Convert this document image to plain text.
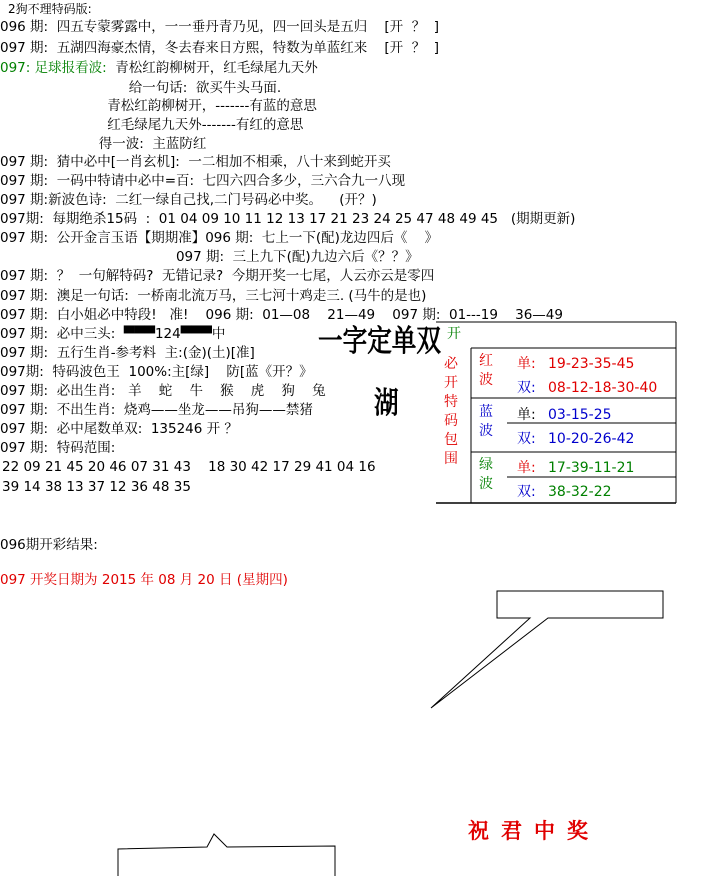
2狗不理特码版:
096 期:  四五专蒙雾露中，一一垂丹青乃见，四一回头是五归    [开  ？  ]
097 期:  五湖四海豪杰情，冬去春来日方熙，特数为单蓝红来    [开  ？  ]
097: 足球报看波:  青松红韵柳树开，红毛绿尾九天外
给一句话:  欲买牛头马面.
青松红韵柳树开，-------有蓝的意思
红毛绿尾九天外-------有红的意思
得一波:  主蓝防红
097 期:  猜中必中[一肖玄机]:  一二相加不相乘，八十来到蛇开买
097 期:  一码中特请中必中=百:  七四六四合多少，三六合九一八现
097 期:新波色诗:  二红一绿自己找,二门号码必中奖。    (开？)
097期:  每期绝杀15码  :  01 04 09 10 11 12 13 17 21 23 24 25 47 48 49 45   (期期更新)
097 期:  公开金言玉语【期期准】096 期:  七上一下(配)龙边四后《    》
097 期:  三上九下(配)九边六后《？？》
097 期:  ？  一句解特码?  无错记录?  今期开奖一七尾，人云亦云是零四
097 期:  澳足一句话:  一桥南北流万马，三七河十鸡走三. (马牛的是也)
097 期:  白小姐必中特段!   准!    096 期:  01—08    21—49    097 期:  01---19    36—49
097 期:  必中三头:  ▀▀▀124▀▀▀中
097 期:  五行生肖-参考料  主:(金)(土)[准]
097期:  特码波色王  100%:主[绿]    防[蓝《开？》
097 期:  必出生肖:   羊    蛇    牛    猴    虎    狗    兔
097 期:  不出生肖:  烧鸡——坐龙——吊狗——禁猪
097 期:  必中尾数单双:  135246 开 ？
097 期:  特码范围:
22 09 21 45 20 46 07 31 43    18 30 42 17 29 41 04 16
39 14 38 13 37 12 36 48 35
一字定单双
湖
开
必开特码包围
红波
单: 19-23-35-45
双: 08-12-18-30-40
蓝波
单: 03-15-25
双: 10-20-26-42
绿波
单: 17-39-11-21
双: 38-32-22
096期开彩结果:
097 开奖日期为 2015 年 08 月 20 日 (星期四)
祝君中奖
